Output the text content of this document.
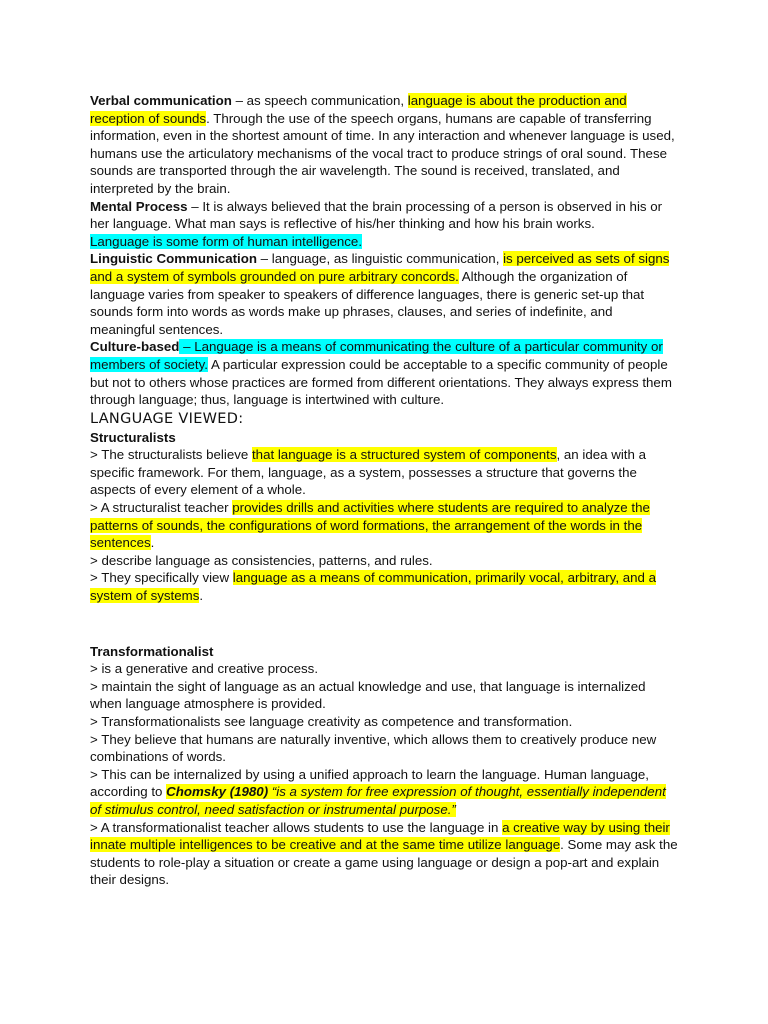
Verbal communication – as speech communication, language is about the production and reception of sounds. Through the use of the speech organs, humans are capable of transferring information, even in the shortest amount of time. In any interaction and whenever language is used, humans use the articulatory mechanisms of the vocal tract to produce strings of oral sound. These sounds are transported through the air wavelength. The sound is received, translated, and interpreted by the brain.

Mental Process – It is always believed that the brain processing of a person is observed in his or her language. What man says is reflective of his/her thinking and how his brain works.
Language is some form of human intelligence.

Linguistic Communication – language, as linguistic communication, is perceived as sets of signs and a system of symbols grounded on pure arbitrary concords. Although the organization of language varies from speaker to speakers of difference languages, there is generic set-up that sounds form into words as words make up phrases, clauses, and series of indefinite, and meaningful sentences.

Culture-based – Language is a means of communicating the culture of a particular community or members of society. A particular expression could be acceptable to a specific community of people but not to others whose practices are formed from different orientations. They always express them through language; thus, language is intertwined with culture.

LANGUAGE VIEWED:

Structuralists

> The structuralists believe that language is a structured system of components, an idea with a specific framework. For them, language, as a system, possesses a structure that governs the aspects of every element of a whole.

> A structuralist teacher provides drills and activities where students are required to analyze the patterns of sounds, the configurations of word formations, the arrangement of the words in the sentences.

> describe language as consistencies, patterns, and rules.

> They specifically view language as a means of communication, primarily vocal, arbitrary, and a system of systems.

Transformationalist

> is a generative and creative process.

> maintain the sight of language as an actual knowledge and use, that language is internalized when language atmosphere is provided.

> Transformationalists see language creativity as competence and transformation.

> They believe that humans are naturally inventive, which allows them to creatively produce new combinations of words.

> This can be internalized by using a unified approach to learn the language. Human language, according to Chomsky (1980) “is a system for free expression of thought, essentially independent of stimulus control, need satisfaction or instrumental purpose.”

> A transformationalist teacher allows students to use the language in a creative way by using their innate multiple intelligences to be creative and at the same time utilize language. Some may ask the students to role-play a situation or create a game using language or design a pop-art and explain their designs.
